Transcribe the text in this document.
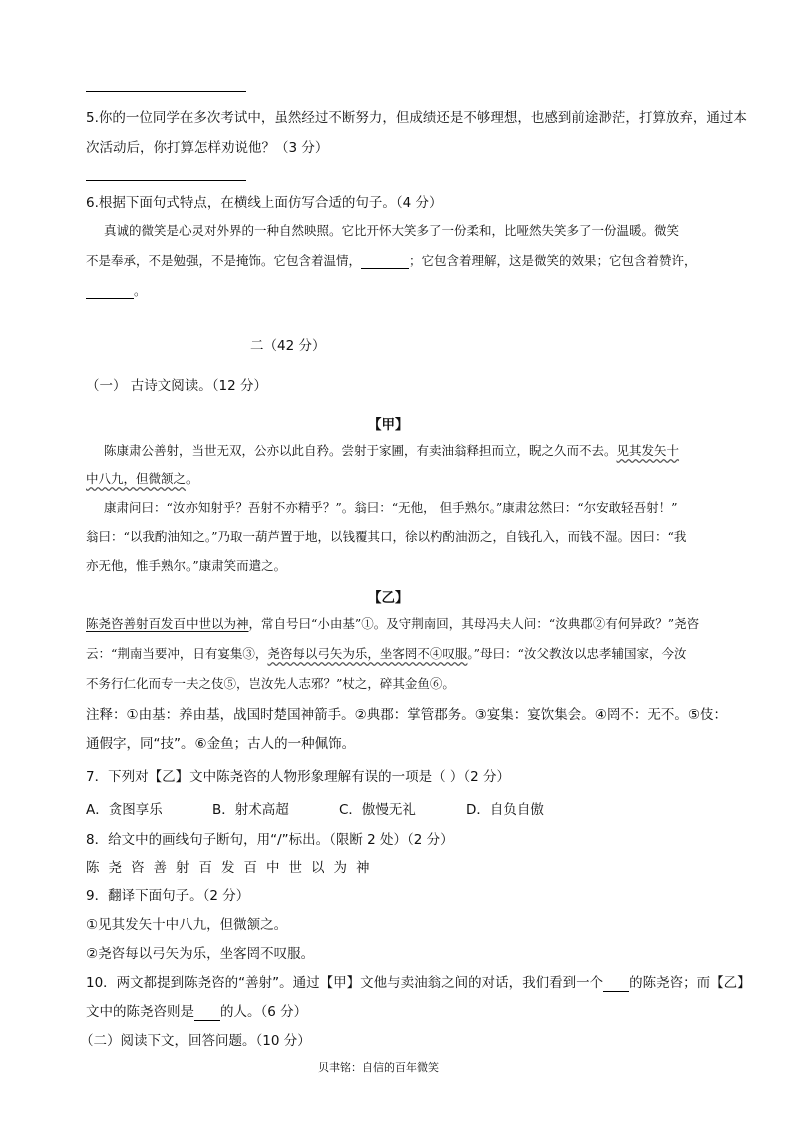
5.你的一位同学在多次考试中，虽然经过不断努力，但成绩还是不够理想，也感到前途渺茫，打算放弃，通过本
次活动后，你打算怎样劝说他？（3 分）
6.根据下面句式特点，在横线上面仿写合适的句子。（4 分）
真诚的微笑是心灵对外界的一种自然映照。它比开怀大笑多了一份柔和，比哑然失笑多了一份温暖。微笑
不是奉承，不是勉强，不是掩饰。它包含着温情，	；它包含着理解，这是微笑的效果；它包含着赞许，
。
二（42 分）
（一） 古诗文阅读。（12 分）
【甲】
陈康肃公善射，当世无双，公亦以此自矜。尝射于家圃，有卖油翁释担而立，睨之久而不去。见其发矢十
中八九，但微颔之。
康肃问曰：“汝亦知射乎？吾射不亦精乎？”。翁曰：“无他， 但手熟尔。”康肃忿然曰：“尔安敢轻吾射！”
翁曰：“以我酌油知之。”乃取一葫芦置于地，以钱覆其口，徐以杓酌油沥之，自钱孔入，而钱不湿。因曰：“我
亦无他，惟手熟尔。”康肃笑而遣之。
【乙】
陈尧咨善射百发百中世以为神，常自号曰“小由基”①。及守荆南回，其母冯夫人问：“汝典郡②有何异政？”尧咨
云：“荆南当要冲，日有宴集③，尧咨每以弓矢为乐，坐客罔不④叹服。”母曰：“汝父教汝以忠孝辅国家，今汝
不务行仁化而专一夫之伎⑤，岂汝先人志邪？”杖之，碎其金鱼⑥。
注释：①由基：养由基，战国时楚国神箭手。②典郡：掌管郡务。③宴集：宴饮集会。④罔不：无不。⑤伎：
通假字，同“技”。⑥金鱼；古人的一种佩饰。
7．下列对【乙】文中陈尧咨的人物形象理解有误的一项是（ ）（2 分）
A．贪图享乐	B．射术高超	C．傲慢无礼	D．自负自傲
8．给文中的画线句子断句，用“/”标出。（限断 2 处）（2 分）
陈尧咨善射百发百中世以为神
9．翻译下面句子。（2 分）
①见其发矢十中八九，但微颔之。
②尧咨每以弓矢为乐，坐客罔不叹服。
10．两文都提到陈尧咨的“善射”。通过【甲】文他与卖油翁之间的对话，我们看到一个 的陈尧咨；而【乙】
文中的陈尧咨则是 的人。（6 分）
（二）阅读下文，回答问题。（10 分）
贝聿铭：自信的百年微笑
